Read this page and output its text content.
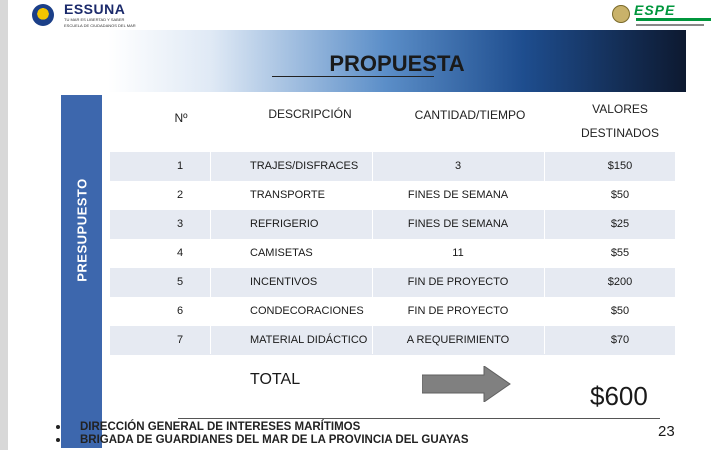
ESSUNA
TU MAR ES LIBERTAD Y SABER
ESCUELA DE CIUDADANOS DEL MAR
ESPE
PROPUESTA
PRESUPUESTO
Nº	DESCRIPCIÓN	CANTIDAD/TIEMPO	VALORES
DESTINADOS
1	TRAJES/DISFRACES	3	$150
2	TRANSPORTE	FINES DE SEMANA	$50
3	REFRIGERIO	FINES DE SEMANA	$25
4	CAMISETAS	11	$55
5	INCENTIVOS	FIN DE PROYECTO	$200
6	CONDECORACIONES	FIN DE PROYECTO	$50
7	MATERIAL DIDÁCTICO	A REQUERIMIENTO	$70
TOTAL
$600
DIRECCIÓN GENERAL DE INTERESES MARÍTIMOS
BRIGADA DE GUARDIANES DEL MAR DE LA PROVINCIA DEL GUAYAS	23
